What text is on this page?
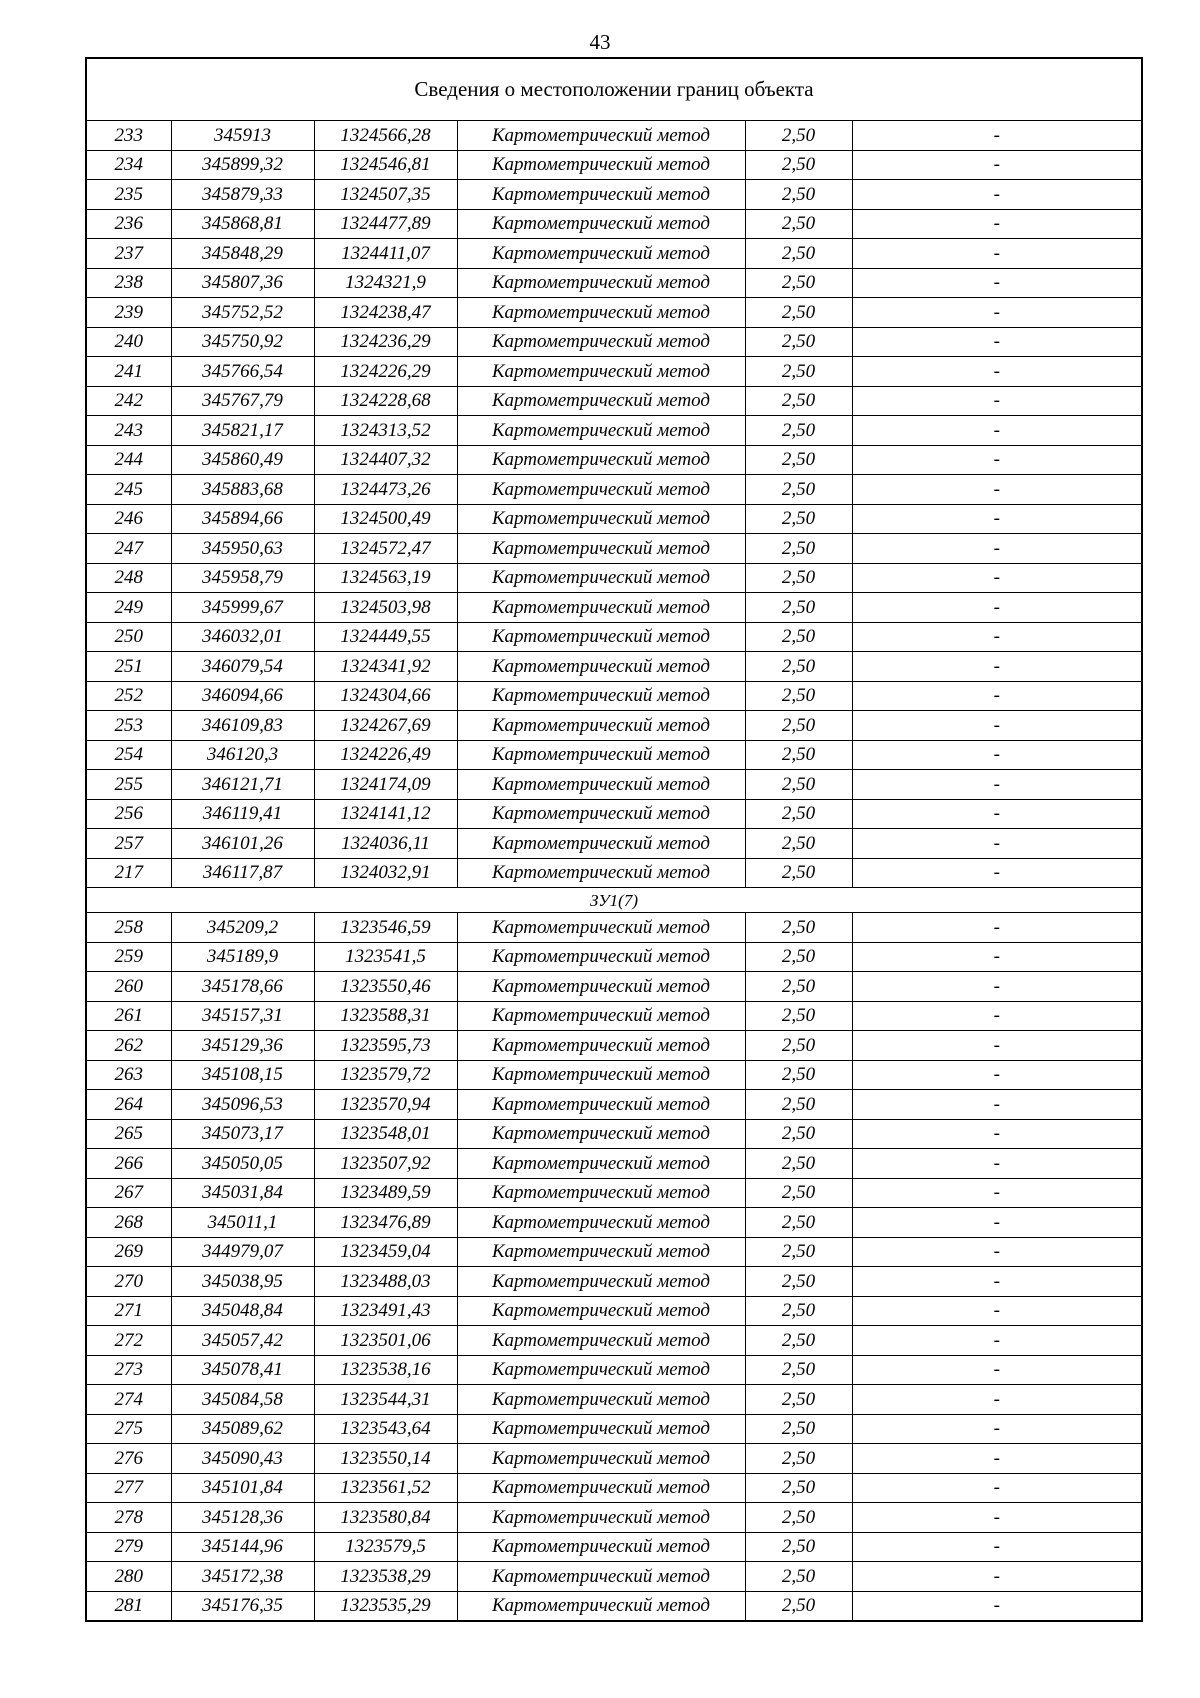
43
Сведения о местоположении границ объекта					
233	345913	1324566,28	Картометрический метод	2,50	-
234	345899,32	1324546,81	Картометрический метод	2,50	-
235	345879,33	1324507,35	Картометрический метод	2,50	-
236	345868,81	1324477,89	Картометрический метод	2,50	-
237	345848,29	1324411,07	Картометрический метод	2,50	-
238	345807,36	1324321,9	Картометрический метод	2,50	-
239	345752,52	1324238,47	Картометрический метод	2,50	-
240	345750,92	1324236,29	Картометрический метод	2,50	-
241	345766,54	1324226,29	Картометрический метод	2,50	-
242	345767,79	1324228,68	Картометрический метод	2,50	-
243	345821,17	1324313,52	Картометрический метод	2,50	-
244	345860,49	1324407,32	Картометрический метод	2,50	-
245	345883,68	1324473,26	Картометрический метод	2,50	-
246	345894,66	1324500,49	Картометрический метод	2,50	-
247	345950,63	1324572,47	Картометрический метод	2,50	-
248	345958,79	1324563,19	Картометрический метод	2,50	-
249	345999,67	1324503,98	Картометрический метод	2,50	-
250	346032,01	1324449,55	Картометрический метод	2,50	-
251	346079,54	1324341,92	Картометрический метод	2,50	-
252	346094,66	1324304,66	Картометрический метод	2,50	-
253	346109,83	1324267,69	Картометрический метод	2,50	-
254	346120,3	1324226,49	Картометрический метод	2,50	-
255	346121,71	1324174,09	Картометрический метод	2,50	-
256	346119,41	1324141,12	Картометрический метод	2,50	-
257	346101,26	1324036,11	Картометрический метод	2,50	-
217	346117,87	1324032,91	Картометрический метод	2,50	-
ЗУ1(7)					
258	345209,2	1323546,59	Картометрический метод	2,50	-
259	345189,9	1323541,5	Картометрический метод	2,50	-
260	345178,66	1323550,46	Картометрический метод	2,50	-
261	345157,31	1323588,31	Картометрический метод	2,50	-
262	345129,36	1323595,73	Картометрический метод	2,50	-
263	345108,15	1323579,72	Картометрический метод	2,50	-
264	345096,53	1323570,94	Картометрический метод	2,50	-
265	345073,17	1323548,01	Картометрический метод	2,50	-
266	345050,05	1323507,92	Картометрический метод	2,50	-
267	345031,84	1323489,59	Картометрический метод	2,50	-
268	345011,1	1323476,89	Картометрический метод	2,50	-
269	344979,07	1323459,04	Картометрический метод	2,50	-
270	345038,95	1323488,03	Картометрический метод	2,50	-
271	345048,84	1323491,43	Картометрический метод	2,50	-
272	345057,42	1323501,06	Картометрический метод	2,50	-
273	345078,41	1323538,16	Картометрический метод	2,50	-
274	345084,58	1323544,31	Картометрический метод	2,50	-
275	345089,62	1323543,64	Картометрический метод	2,50	-
276	345090,43	1323550,14	Картометрический метод	2,50	-
277	345101,84	1323561,52	Картометрический метод	2,50	-
278	345128,36	1323580,84	Картометрический метод	2,50	-
279	345144,96	1323579,5	Картометрический метод	2,50	-
280	345172,38	1323538,29	Картометрический метод	2,50	-
281	345176,35	1323535,29	Картометрический метод	2,50	-
